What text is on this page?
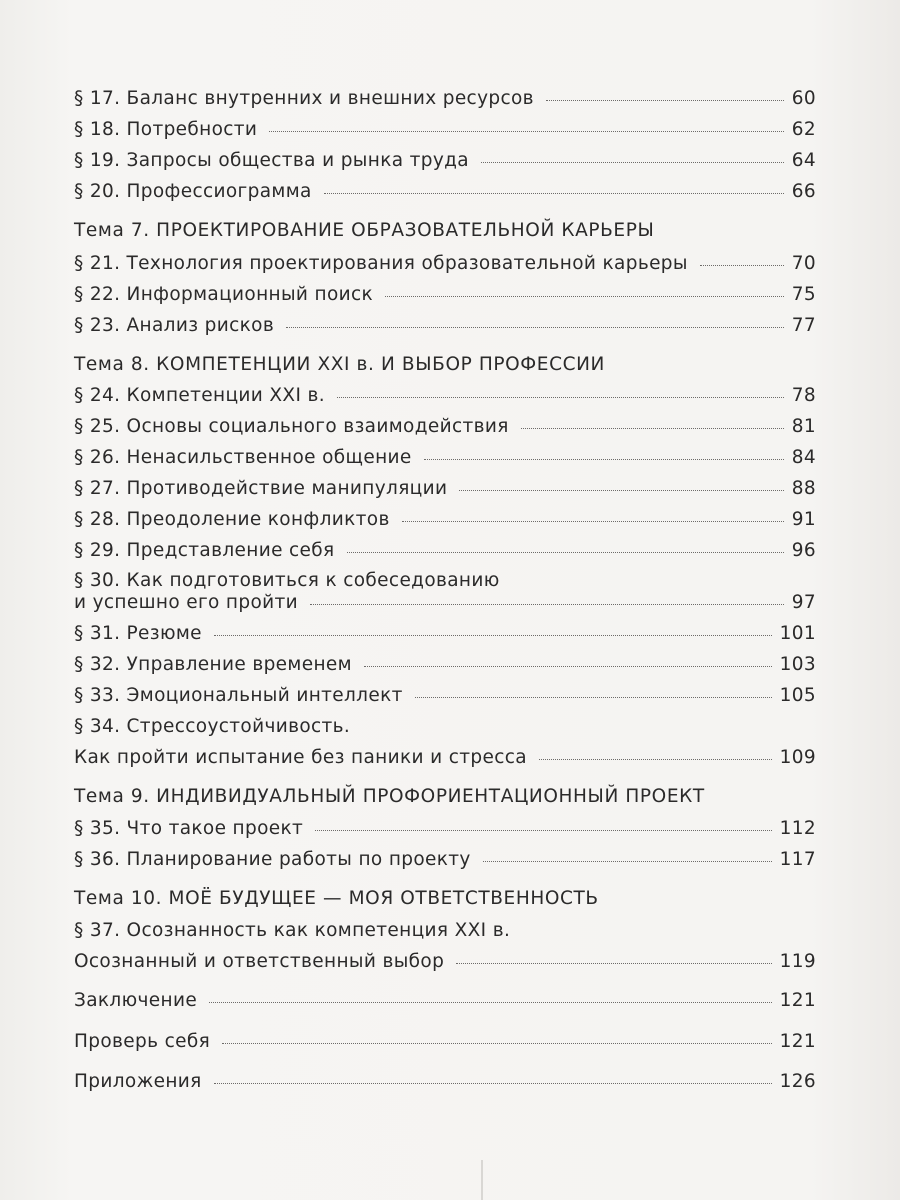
§ 17. Баланс внутренних и внешних ресурсов	60
§ 18. Потребности	62
§ 19. Запросы общества и рынка труда	64
§ 20. Профессиограмма	66
Тема 7. ПРОЕКТИРОВАНИЕ ОБРАЗОВАТЕЛЬНОЙ КАРЬЕРЫ
§ 21. Технология проектирования образовательной карьеры	70
§ 22. Информационный поиск	75
§ 23. Анализ рисков	77
Тема 8. КОМПЕТЕНЦИИ XXI в. И ВЫБОР ПРОФЕССИИ
§ 24. Компетенции XXI в.	78
§ 25. Основы социального взаимодействия	81
§ 26. Ненасильственное общение	84
§ 27. Противодействие манипуляции	88
§ 28. Преодоление конфликтов	91
§ 29. Представление себя	96
§ 30. Как подготовиться к собеседованию
и успешно его пройти	97
§ 31. Резюме	101
§ 32. Управление временем	103
§ 33. Эмоциональный интеллект	105
§ 34. Стрессоустойчивость.
Как пройти испытание без паники и стресса	109
Тема 9. ИНДИВИДУАЛЬНЫЙ ПРОФОРИЕНТАЦИОННЫЙ ПРОЕКТ
§ 35. Что такое проект	112
§ 36. Планирование работы по проекту	117
Тема 10. МОЁ БУДУЩЕЕ — МОЯ ОТВЕТСТВЕННОСТЬ
§ 37. Осознанность как компетенция XXI в.
Осознанный и ответственный выбор	119
Заключение	121
Проверь себя	121
Приложения	126
